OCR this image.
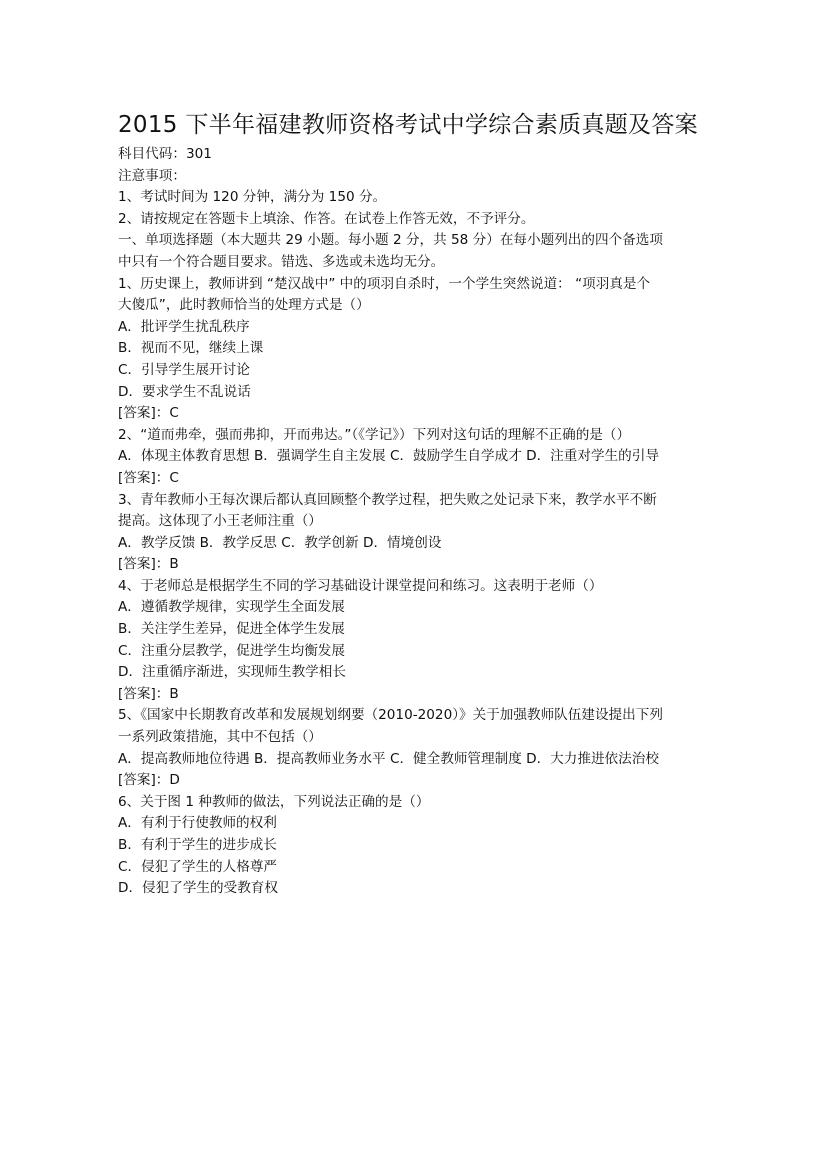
2015 下半年福建教师资格考试中学综合素质真题及答案
科目代码：301
注意事项：
1、考试时间为 120 分钟，满分为 150 分。
2、请按规定在答题卡上填涂、作答。在试卷上作答无效，不予评分。
一、单项选择题（本大题共 29 小题。每小题 2 分，共 58 分）在每小题列出的四个备选项
中只有一个符合题目要求。错选、多选或未选均无分。
1、历史课上，教师讲到 “楚汉战中” 中的项羽自杀时，一个学生突然说道： “项羽真是个
大傻瓜”，此时教师恰当的处理方式是（）
A．批评学生扰乱秩序
B．视而不见，继续上课
C．引导学生展开讨论
D．要求学生不乱说话
[答案]：C
2、“道而弗牵，强而弗抑，开而弗达。”（《学记》）下列对这句话的理解不正确的是（）
A．体现主体教育思想 B．强调学生自主发展 C．鼓励学生自学成才 D．注重对学生的引导
[答案]：C
3、青年教师小王每次课后都认真回顾整个教学过程，把失败之处记录下来，教学水平不断
提高。这体现了小王老师注重（）
A．教学反馈 B．教学反思 C．教学创新 D．情境创设
[答案]：B
4、于老师总是根据学生不同的学习基础设计课堂提问和练习。这表明于老师（）
A．遵循教学规律，实现学生全面发展
B．关注学生差异，促进全体学生发展
C．注重分层教学，促进学生均衡发展
D．注重循序渐进，实现师生教学相长
[答案]：B
5、《国家中长期教育改革和发展规划纲要（2010-2020）》关于加强教师队伍建设提出下列
一系列政策措施，其中不包括（）
A．提高教师地位待遇 B．提高教师业务水平 C．健全教师管理制度 D．大力推进依法治校
[答案]：D
6、关于图 1 种教师的做法，下列说法正确的是（）
A．有利于行使教师的权利
B．有利于学生的进步成长
C．侵犯了学生的人格尊严
D．侵犯了学生的受教育权
